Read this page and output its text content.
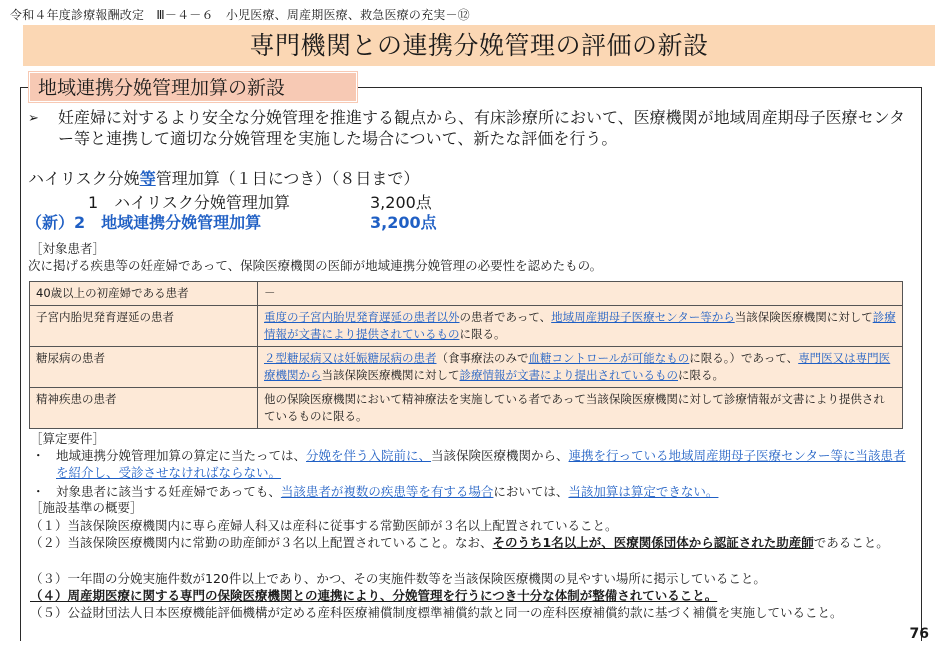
令和４年度診療報酬改定　Ⅲ－４－６　小児医療、周産期医療、救急医療の充実－⑫
専門機関との連携分娩管理の評価の新設
地域連携分娩管理加算の新設
➢ 妊産婦に対するより安全な分娩管理を推進する観点から、有床診療所において、医療機関が地域周産期母子医療センター等と連携して適切な分娩管理を実施した場合について、新たな評価を行う。
ハイリスク分娩等管理加算（１日につき）（８日まで）
1　ハイリスク分娩管理加算	3,200点
（新）2　地域連携分娩管理加算	3,200点
［対象患者］
次に掲げる疾患等の妊産婦であって、保険医療機関の医師が地域連携分娩管理の必要性を認めたもの。
40歳以上の初産婦である患者	－
子宮内胎児発育遅延の患者	重度の子宮内胎児発育遅延の患者以外の患者であって、地域周産期母子医療センター等から当該保険医療機関に対して診療情報が文書により提供されているものに限る。
糖尿病の患者	２型糖尿病又は妊娠糖尿病の患者（食事療法のみで血糖コントロールが可能なものに限る。）であって、専門医又は専門医療機関から当該保険医療機関に対して診療情報が文書により提出されているものに限る。
精神疾患の患者	他の保険医療機関において精神療法を実施している者であって当該保険医療機関に対して診療情報が文書により提供されているものに限る。
［算定要件］
・ 地域連携分娩管理加算の算定に当たっては、分娩を伴う入院前に、当該保険医療機関から、連携を行っている地域周産期母子医療センター等に当該患者を紹介し、受診させなければならない。
・ 対象患者に該当する妊産婦であっても、当該患者が複数の疾患等を有する場合においては、当該加算は算定できない。
［施設基準の概要］
（１）当該保険医療機関内に専ら産婦人科又は産科に従事する常勤医師が３名以上配置されていること。
（２）当該保険医療機関内に常勤の助産師が３名以上配置されていること。なお、そのうち1名以上が、医療関係団体から認証された助産師であること。
（３）一年間の分娩実施件数が120件以上であり、かつ、その実施件数等を当該保険医療機関の見やすい場所に掲示していること。
（４）周産期医療に関する専門の保険医療機関との連携により、分娩管理を行うにつき十分な体制が整備されていること。
（５）公益財団法人日本医療機能評価機構が定める産科医療補償制度標準補償約款と同一の産科医療補償約款に基づく補償を実施していること。
76
